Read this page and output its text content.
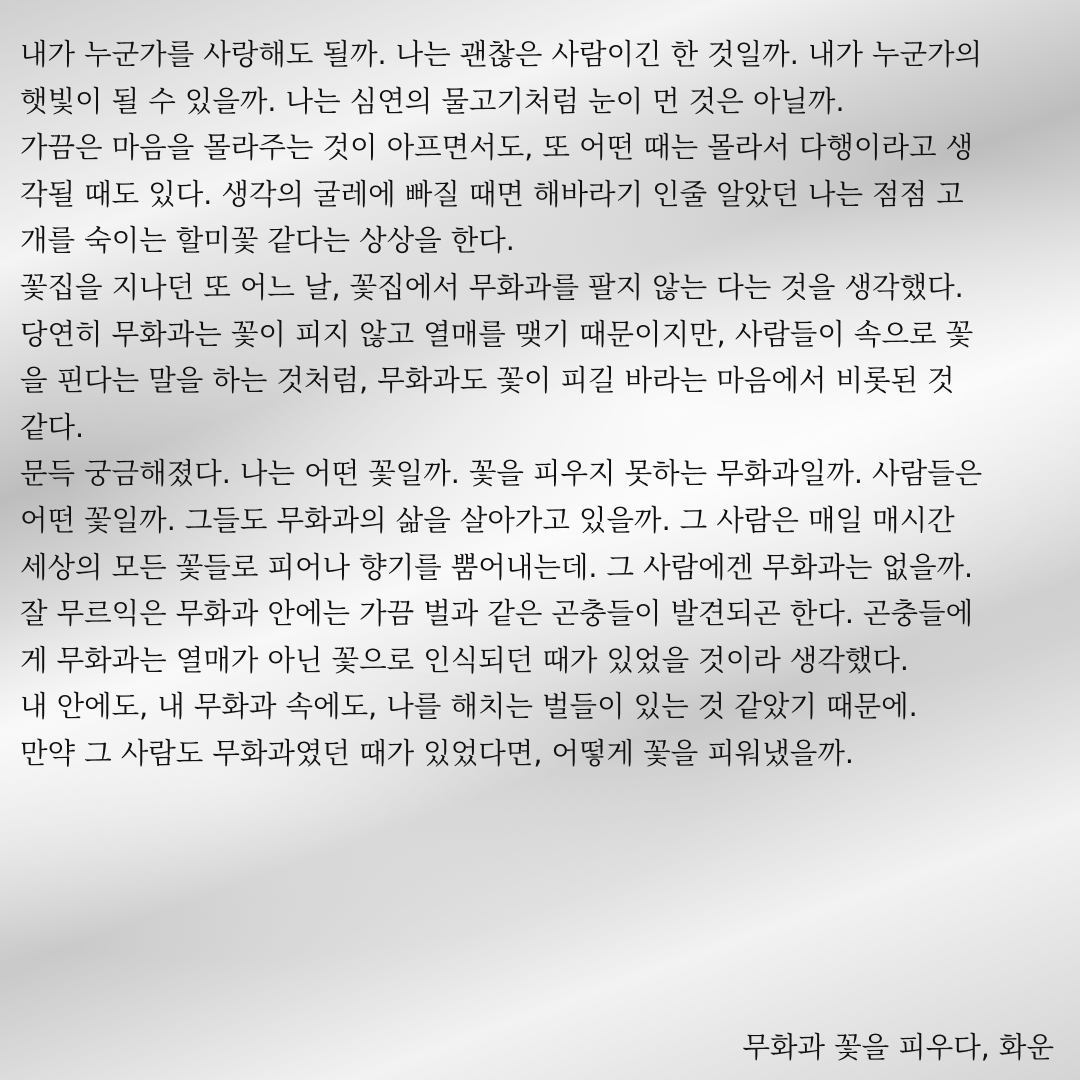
내가 누군가를 사랑해도 될까. 나는 괜찮은 사람이긴 한 것일까. 내가 누군가의
햇빛이 될 수 있을까. 나는 심연의 물고기처럼 눈이 먼 것은 아닐까.
가끔은 마음을 몰라주는 것이 아프면서도, 또 어떤 때는 몰라서 다행이라고 생
각될 때도 있다. 생각의 굴레에 빠질 때면 해바라기 인줄 알았던 나는 점점 고
개를 숙이는 할미꽃 같다는 상상을 한다.
꽃집을 지나던 또 어느 날, 꽃집에서 무화과를 팔지 않는 다는 것을 생각했다.
당연히 무화과는 꽃이 피지 않고 열매를 맺기 때문이지만, 사람들이 속으로 꽃
을 핀다는 말을 하는 것처럼, 무화과도 꽃이 피길 바라는 마음에서 비롯된 것
같다.
문득 궁금해졌다. 나는 어떤 꽃일까. 꽃을 피우지 못하는 무화과일까. 사람들은
어떤 꽃일까. 그들도 무화과의 삶을 살아가고 있을까. 그 사람은 매일 매시간
세상의 모든 꽃들로 피어나 향기를 뿜어내는데. 그 사람에겐 무화과는 없을까.
잘 무르익은 무화과 안에는 가끔 벌과 같은 곤충들이 발견되곤 한다. 곤충들에
게 무화과는 열매가 아닌 꽃으로 인식되던 때가 있었을 것이라 생각했다.
내 안에도, 내 무화과 속에도, 나를 해치는 벌들이 있는 것 같았기 때문에.
만약 그 사람도 무화과였던 때가 있었다면, 어떻게 꽃을 피워냈을까.
무화과 꽃을 피우다, 화운
